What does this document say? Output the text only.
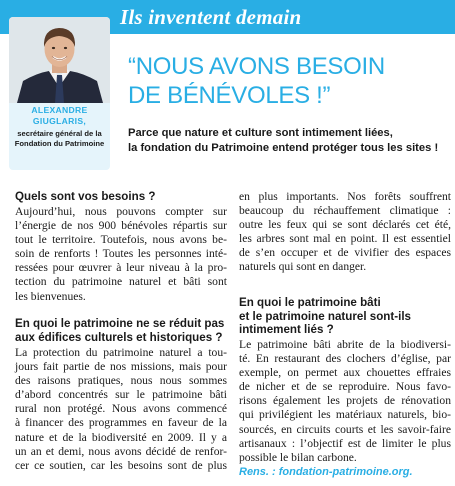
Ils inventent demain
ALEXANDRE
GIUGLARIS,
secrétaire général de la
Fondation du Patrimoine
“NOUS AVONS BESOIN
DE BÉNÉVOLES !”
Parce que nature et culture sont intimement liées,
la fondation du Patrimoine entend protéger tous les sites !
Quels sont vos besoins ?
Aujourd’hui, nous pouvons compter sur
l’énergie de nos 900 bénévoles répartis sur
tout le territoire. Toutefois, nous avons be-
soin de renforts ! Toutes les personnes inté-
ressées pour œuvrer à leur niveau à la pro-
tection du patrimoine naturel et bâti sont
les bienvenues.
En quoi le patrimoine ne se réduit pas
aux édifices culturels et historiques ?
La protection du patrimoine naturel a tou-
jours fait partie de nos missions, mais pour
des raisons pratiques, nous nous sommes
d’abord concentrés sur le patrimoine bâti
rural non protégé. Nous avons commencé
à financer des programmes en faveur de la
nature et de la biodiversité en 2009. Il y a
un an et demi, nous avons décidé de renfor-
cer ce soutien, car les besoins sont de plus
en plus importants. Nos forêts souffrent
beaucoup du réchauffement climatique :
outre les feux qui se sont déclarés cet été,
les arbres sont mal en point. Il est essentiel
de s’en occuper et de vivifier des espaces
naturels qui sont en danger.
En quoi le patrimoine bâti
et le patrimoine naturel sont-ils
intimement liés ?
Le patrimoine bâti abrite de la biodiversi-
té. En restaurant des clochers d’église, par
exemple, on permet aux chouettes effraies
de nicher et de se reproduire. Nous favo-
risons également les projets de rénovation
qui privilégient les matériaux naturels, bio-
sourcés, en circuits courts et les savoir-faire
artisanaux : l’objectif est de limiter le plus
possible le bilan carbone.
Rens. : fondation-patrimoine.org.
